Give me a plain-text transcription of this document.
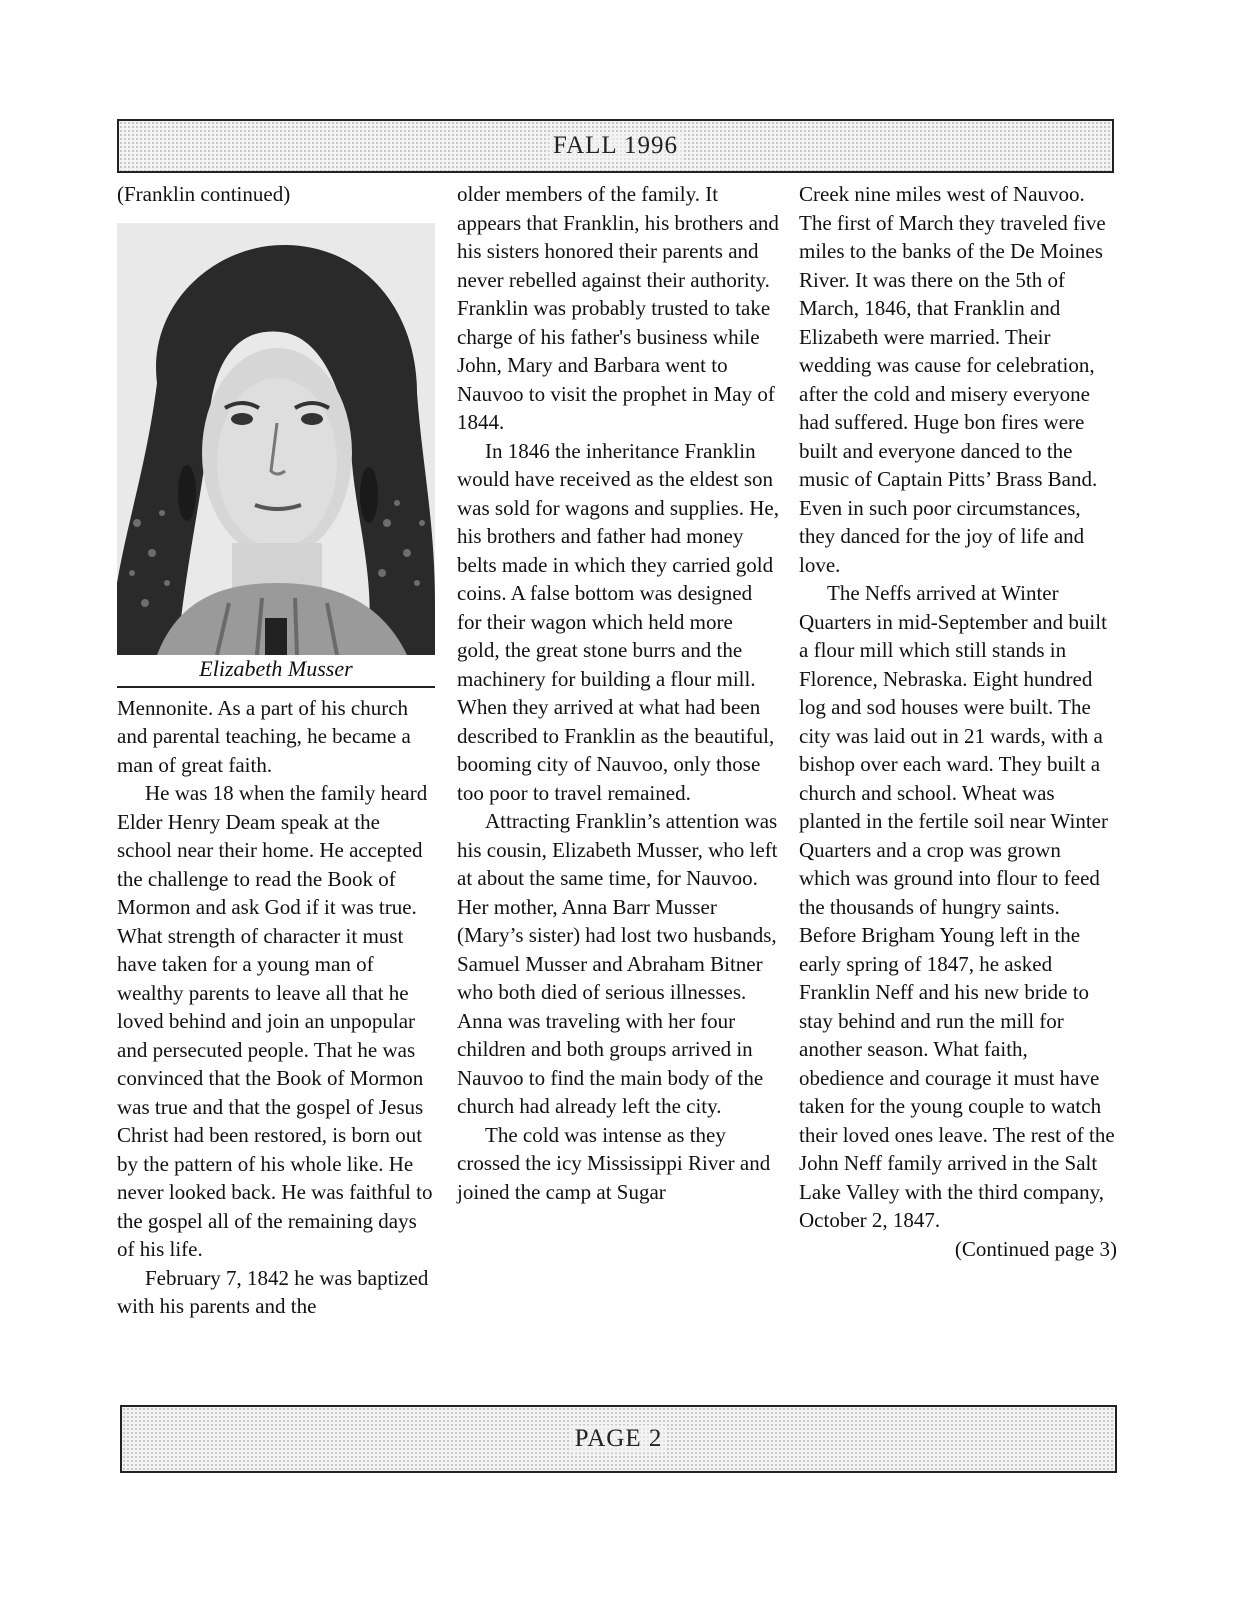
FALL 1996

(Franklin continued)

Elizabeth Musser

Mennonite. As a part of his church and parental teaching, he became a man of great faith.

He was 18 when the family heard Elder Henry Deam speak at the school near their home. He accepted the challenge to read the Book of Mormon and ask God if it was true. What strength of character it must have taken for a young man of wealthy parents to leave all that he loved behind and join an unpopular and persecuted people. That he was convinced that the Book of Mormon was true and that the gospel of Jesus Christ had been restored, is born out by the pattern of his whole like. He never looked back. He was faithful to the gospel all of the remaining days of his life.

February 7, 1842 he was baptized with his parents and the

older members of the family. It appears that Franklin, his brothers and his sisters honored their parents and never rebelled against their authority. Franklin was probably trusted to take charge of his father's business while John, Mary and Barbara went to Nauvoo to visit the prophet in May of 1844.

In 1846 the inheritance Franklin would have received as the eldest son was sold for wagons and supplies. He, his brothers and father had money belts made in which they carried gold coins. A false bottom was designed for their wagon which held more gold, the great stone burrs and the machinery for building a flour mill. When they arrived at what had been described to Franklin as the beautiful, booming city of Nauvoo, only those too poor to travel remained.

Attracting Franklin’s attention was his cousin, Elizabeth Musser, who left at about the same time, for Nauvoo. Her mother, Anna Barr Musser (Mary’s sister) had lost two husbands, Samuel Musser and Abraham Bitner who both died of serious illnesses. Anna was traveling with her four children and both groups arrived in Nauvoo to find the main body of the church had already left the city.

The cold was intense as they crossed the icy Mississippi River and joined the camp at Sugar

Creek nine miles west of Nauvoo. The first of March they traveled five miles to the banks of the De Moines River. It was there on the 5th of March, 1846, that Franklin and Elizabeth were married. Their wedding was cause for celebration, after the cold and misery everyone had suffered. Huge bon fires were built and everyone danced to the music of Captain Pitts’ Brass Band. Even in such poor circumstances, they danced for the joy of life and love.

The Neffs arrived at Winter Quarters in mid-September and built a flour mill which still stands in Florence, Nebraska. Eight hundred log and sod houses were built. The city was laid out in 21 wards, with a bishop over each ward. They built a church and school. Wheat was planted in the fertile soil near Winter Quarters and a crop was grown which was ground into flour to feed the thousands of hungry saints. Before Brigham Young left in the early spring of 1847, he asked Franklin Neff and his new bride to stay behind and run the mill for another season. What faith, obedience and courage it must have taken for the young couple to watch their loved ones leave. The rest of the John Neff family arrived in the Salt Lake Valley with the third company, October 2, 1847.

(Continued page 3)

PAGE 2
